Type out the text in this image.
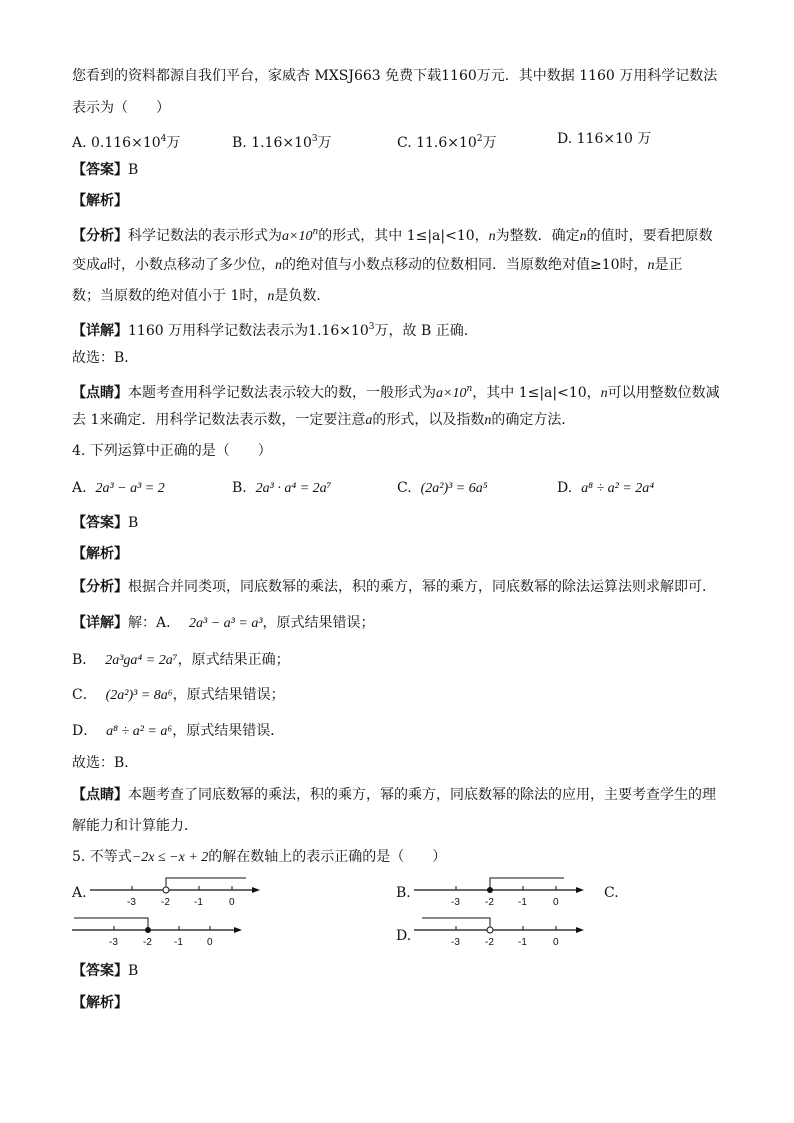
您看到的资料都源自我们平台，家威杏 MXSJ663 免费下载1160万元．其中数据 1160 万用科学记数法
表示为（　　）
A. $0.116\times 10^4$万	B. $1.16\times 10^3$万	C. $11.6\times 10^2$万	D. 116×10 万
【答案】B
【解析】
【分析】科学记数法的表示形式为$a\times 10^n$的形式，其中 1≤|a|<10，n为整数．确定n的值时，要看把原数
变成a时，小数点移动了多少位，n的绝对值与小数点移动的位数相同．当原数绝对值≥10时，n是正
数；当原数的绝对值小于 1时，n是负数．
【详解】1160 万用科学记数法表示为$1.16\times 10^3$万，故 B 正确．
故选：B．
【点睛】本题考查用科学记数法表示较大的数，一般形式为$a\times 10^n$，其中 1≤|a|<10，n可以用整数位数减
去 1来确定．用科学记数法表示数，一定要注意a的形式，以及指数n的确定方法．
4. 下列运算中正确的是（　　）
A. 2a³ − a³ = 2	B. 2a³ · a⁴ = 2a⁷	C. (2a²)³ = 6a⁵	D. a⁸ ÷ a² = 2a⁴
【答案】B
【解析】
【分析】根据合并同类项，同底数幂的乘法，积的乘方，幂的乘方，同底数幂的除法运算法则求解即可．
【详解】解：A． 2a³ − a³ = a³，原式结果错误；
B． 2a³ga⁴ = 2a⁷，原式结果正确；
C． (2a²)³ = 8a⁶，原式结果错误；
D． a⁸ ÷ a² = a⁶，原式结果错误．
故选：B．
【点睛】本题考查了同底数幂的乘法，积的乘方，幂的乘方，同底数幂的除法的应用，主要考查学生的理
解能力和计算能力．
5. 不等式−2x ≤ −x + 2的解在数轴上的表示正确的是（　　）
A.
-3	-2 -1	0
B.
-3	-2 -1	0
C.
-3	-2 -1 0	D.	-3	-2 -1	0
【答案】B
【解析】
